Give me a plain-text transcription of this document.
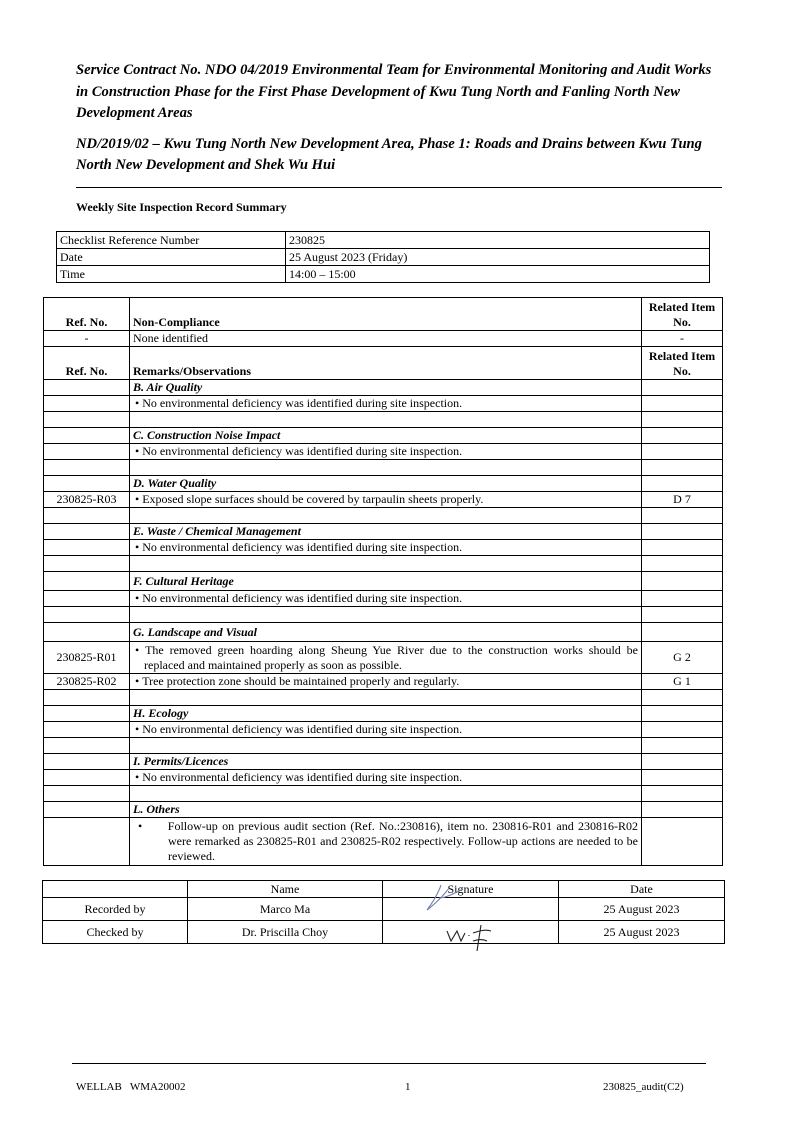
Service Contract No. NDO 04/2019 Environmental Team for Environmental Monitoring and Audit Works in Construction Phase for the First Phase Development of Kwu Tung North and Fanling North New Development Areas

ND/2019/02 – Kwu Tung North New Development Area, Phase 1: Roads and Drains between Kwu Tung North New Development and Shek Wu Hui

Weekly Site Inspection Record Summary
Checklist Reference Number	230825
Date	25 August 2023 (Friday)
Time	14:00 – 15:00
Ref. No.	Non-Compliance	Related Item No.
-	None identified	-
Ref. No.	Remarks/Observations	Related Item No.
	B. Air Quality	
	• No environmental deficiency was identified during site inspection.	

	C. Construction Noise Impact	
	• No environmental deficiency was identified during site inspection.	

	D. Water Quality	
230825-R03	• Exposed slope surfaces should be covered by tarpaulin sheets properly.	D 7

	E. Waste / Chemical Management	
	• No environmental deficiency was identified during site inspection.	

	F. Cultural Heritage	
	• No environmental deficiency was identified during site inspection.	

	G. Landscape and Visual	
230825-R01	• The removed green hoarding along Sheung Yue River due to the construction works should be replaced and maintained properly as soon as possible.	G 2
230825-R02	• Tree protection zone should be maintained properly and regularly.	G 1

	H. Ecology	
	• No environmental deficiency was identified during site inspection.	

	I. Permits/Licences	
	• No environmental deficiency was identified during site inspection.	

	L. Others	
	•      Follow-up on previous audit section (Ref. No.:230816), item no. 230816-R01 and 230816-R02 were remarked as 230825-R01 and 230825-R02 respectively. Follow-up actions are needed to be reviewed.	
	Name	Signature	Date
Recorded by	Marco Ma		25 August 2023
Checked by	Dr. Priscilla Choy		25 August 2023
WELLAB   WMA20002	1	230825_audit(C2)
